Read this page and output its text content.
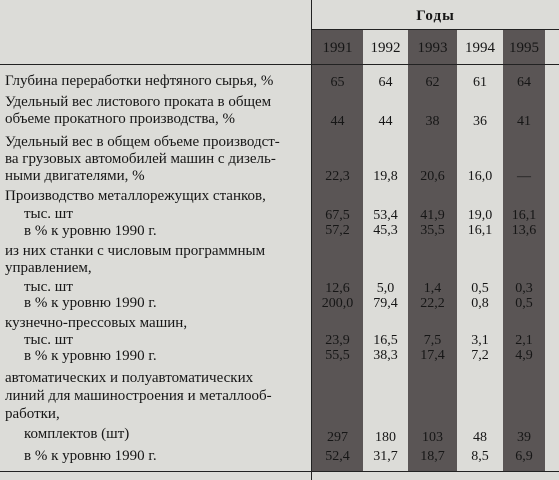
Годы
1991	1992	1993	1994 1995
Глубина переработки нефтяного сырья, %	65	64	62	61	64
Удельный вес листового проката в общем
объеме прокатного производства, %	44	44	38	36	41
Удельный вес в общем объеме производст-
ва грузовых автомобилей машин с дизель-
ными двигателями, %	22,3	19,8	20,6	16,0	—
Производство металлорежущих станков,
тыс. шт	67,5	53,4	41,9	19,0	16,1
в % к уровню 1990 г.	57,2	45,3	35,5	16,1	13,6
из них станки с числовым программным
управлением,
тыс. шт	12,6	5,0	1,4	0,5	0,3
в % к уровню 1990 г.	200,0	79,4	22,2	0,8	0,5
кузнечно-прессовых машин,
тыс. шт	23,9	16,5	7,5	3,1	2,1
в % к уровню 1990 г.	55,5	38,3	17,4	7,2	4,9
автоматических и полуавтоматических
линий для машиностроения и металлооб-
работки,
комплектов (шт)	297	180	103	48	39
в % к уровню 1990 г.	52,4	31,7	18,7	8,5	6,9
